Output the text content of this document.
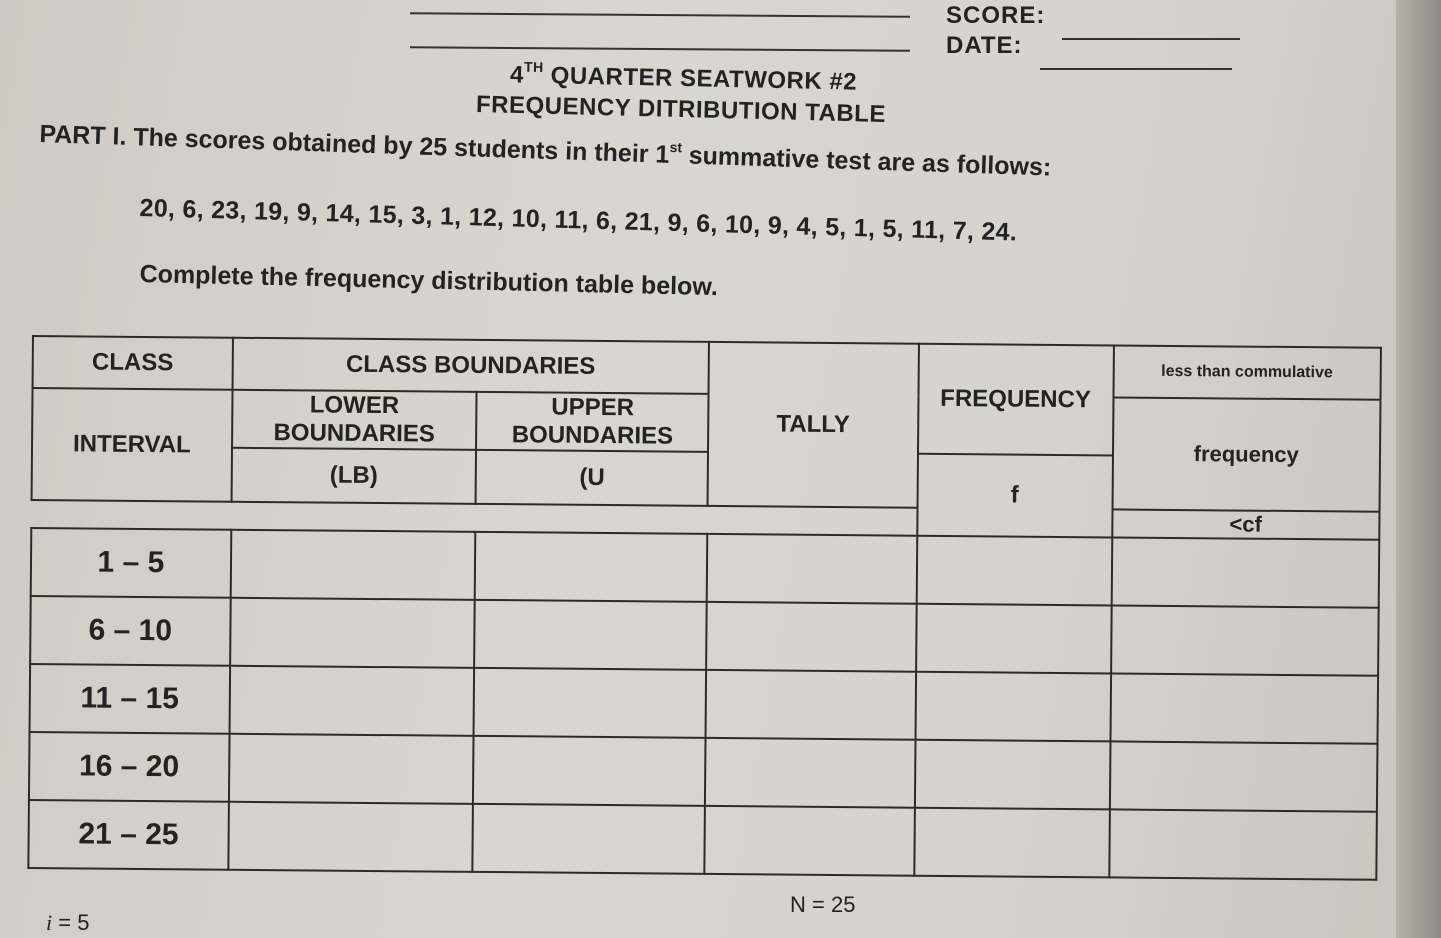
SCORE:
DATE:
4TH QUARTER SEATWORK #2
FREQUENCY DITRIBUTION TABLE
PART I. The scores obtained by 25 students in their 1st summative test are as follows:
20, 6, 23, 19, 9, 14, 15, 3, 1, 12, 10, 11, 6, 21, 9, 6, 10, 9, 4, 5, 1, 5, 11, 7, 24.
Complete the frequency distribution table below.
CLASS	CLASS BOUNDARIES		TALLY	FREQUENCY	less than commulative
INTERVAL	LOWER BOUNDARIES	UPPER BOUNDARIES			frequency
	(LB)	(U		f	
					<cf
1 – 5					
6 – 10					
11 – 15					
16 – 20					
21 – 25					
i = 5
N = 25
